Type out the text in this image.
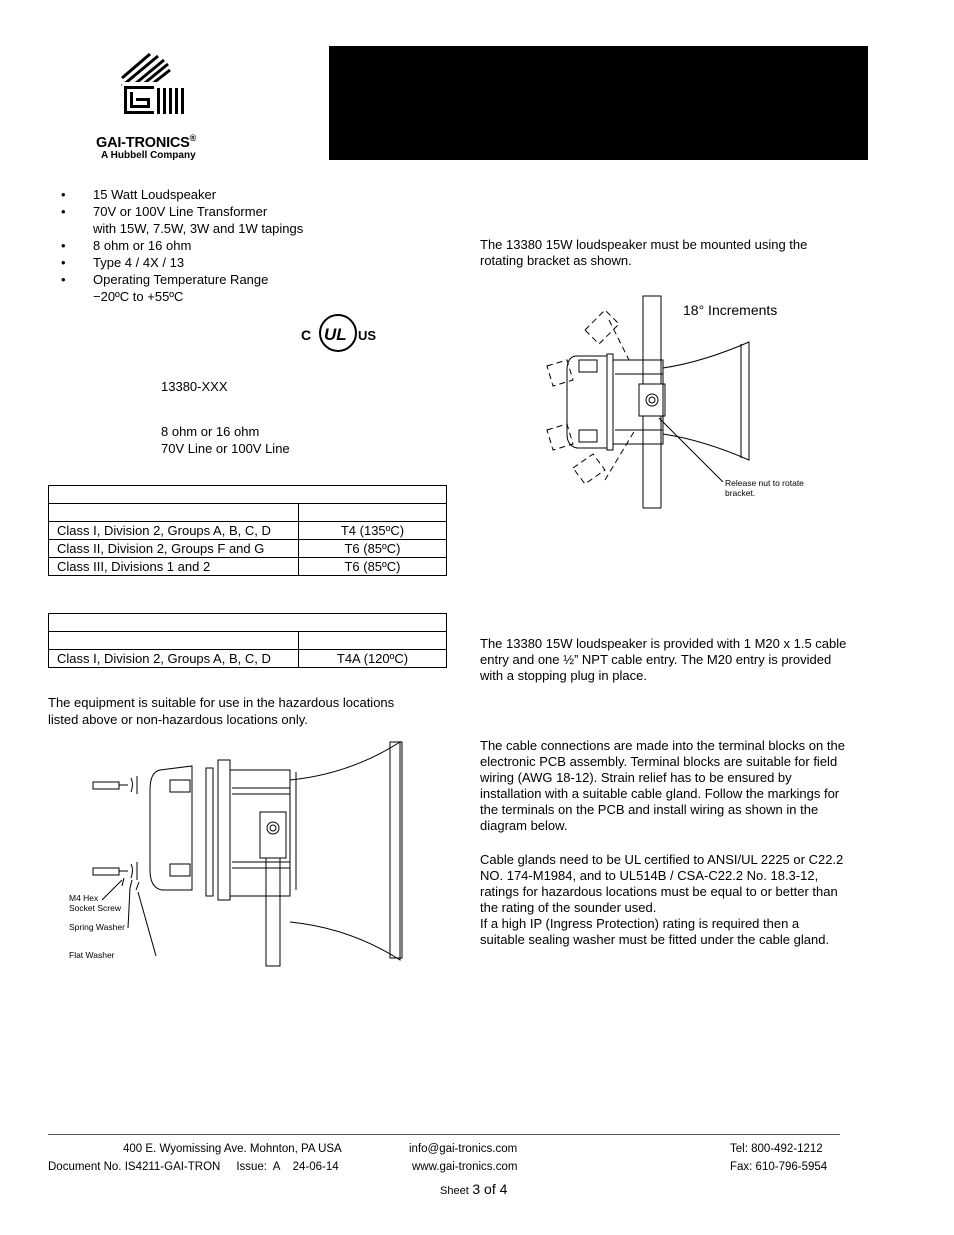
GAI-TRONICS®
A Hubbell Company
• 15 Watt Loudspeaker
• 70V or 100V Line Transformer
with 15W, 7.5W, 3W and 1W tapings
• 8 ohm or 16 ohm
• Type 4 / 4X / 13
• Operating Temperature Range
−20ºC to +55ºC
C UL US
13380-XXX
8 ohm or 16 ohm
70V Line or 100V Line

Class I, Division 2, Groups A, B, C, D	T4 (135ºC)
Class II, Division 2, Groups F and G	T6 (85ºC)
Class III, Divisions 1 and 2	T6 (85ºC)

Class I, Division 2, Groups A, B, C, D	T4A (120ºC)
The equipment is suitable for use in the hazardous locations
listed above or non-hazardous locations only.
M4 Hex
Socket Screw
Spring Washer
Flat Washer
The 13380 15W loudspeaker must be mounted using the
rotating bracket as shown.
18° Increments
Release nut to rotate
bracket.
The 13380 15W loudspeaker is provided with 1 M20 x 1.5 cable
entry and one ½” NPT cable entry. The M20 entry is provided
with a stopping plug in place.
The cable connections are made into the terminal blocks on the
electronic PCB assembly. Terminal blocks are suitable for field
wiring (AWG 18-12). Strain relief has to be ensured by
installation with a suitable cable gland. Follow the markings for
the terminals on the PCB and install wiring as shown in the
diagram below.
Cable glands need to be UL certified to ANSI/UL 2225 or C22.2
NO. 174-M1984, and to UL514B / CSA-C22.2 No. 18.3-12,
ratings for hazardous locations must be equal to or better than
the rating of the sounder used.
If a high IP (Ingress Protection) rating is required then a
suitable sealing washer must be fitted under the cable gland.
400 E. Wyomissing Ave. Mohnton, PA USA	info@gai-tronics.com	Tel: 800-492-1212
Document No. IS4211-GAI-TRON     Issue:  A    24-06-14	www.gai-tronics.com	Fax: 610-796-5954
Sheet 3 of 4
